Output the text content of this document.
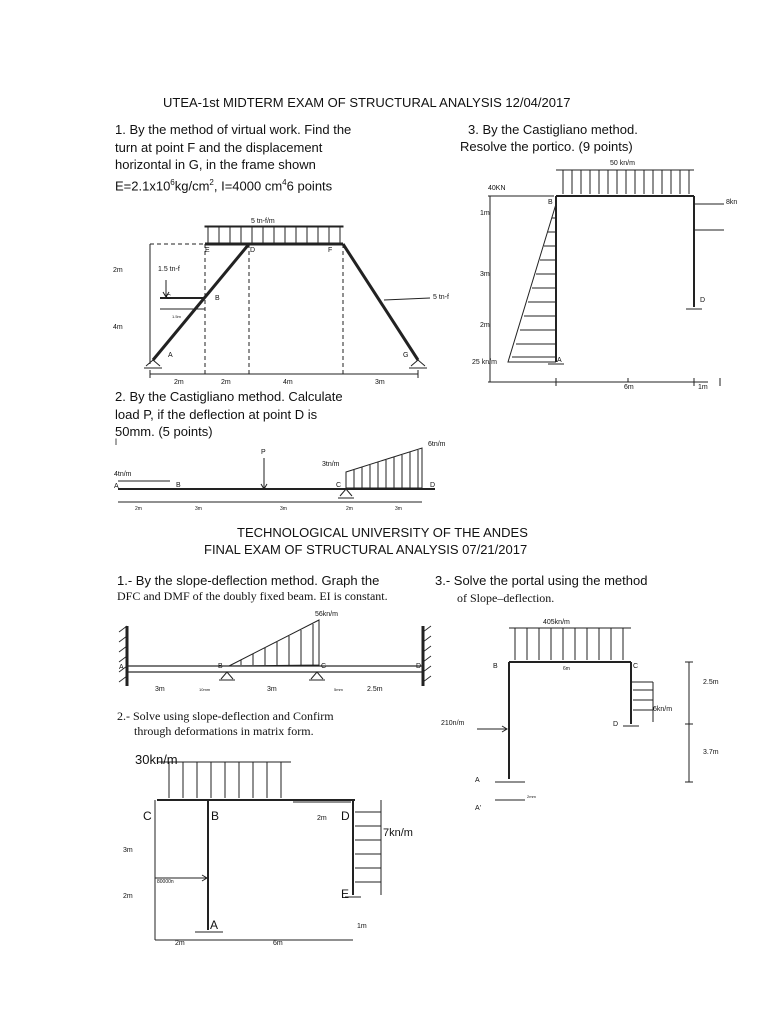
UTEA-1st MIDTERM EXAM OF STRUCTURAL ANALYSIS 12/04/2017
1. By the method of virtual work. Find the
turn at point F and the displacement
horizontal in G, in the frame shown
$E=2.1x10^6kg/cm^2$, I=4000 $cm^46$ points
3. By the Castigliano method.
Resolve the portico. (9 points)
5 tn-f/m
1.5 tn-f
5 tn-f
2m
4m
2m	2m	4m	3m
1.5m
A
B
C
D
E	F
G
50 kn/m
40KN
8kn
25 kn/m
1m
3m
2m
6m	1m
A
B
D
2. By the Castigliano method. Calculate
load P, if the deflection at point D is
50mm. (5 points)
l
P
4tn/m
3tn/m
6tn/m
A	B	C	D
2m	3m	3m	2m	3m
TECHNOLOGICAL UNIVERSITY OF THE ANDES
FINAL EXAM OF STRUCTURAL ANALYSIS 07/21/2017
1.- By the slope-deflection method. Graph the
DFC and DMF of the doubly fixed beam. EI is constant.
3.- Solve the portal using the method
of Slope–deflection.
56kn/m
A	B	C	D
3m	3m	2.5m
10mm	5mm
405kn/m
210n/m
6kn/m
2.5m
3.7m
6m
2mm
A
A'
B	C
D
2.- Solve using slope-deflection and Confirm
through deformations in matrix form.
30kn/m
7kn/m
80000n
C	B	D
E
A
3m
2m
2m	6m
2m
1m
